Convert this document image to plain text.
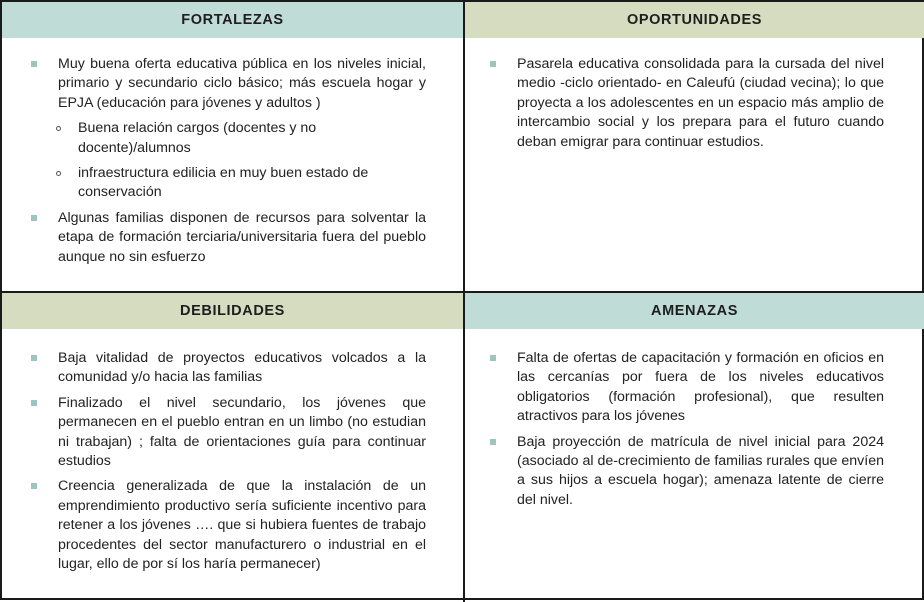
FORTALEZAS	OPORTUNIDADES
DEBILIDADES	AMENAZAS
Muy buena oferta educativa pública en los niveles inicial, primario y secundario ciclo básico; más escuela hogar y EPJA (educación para jóvenes y adultos )
Buena relación cargos (docentes y no docente)/alumnos
infraestructura edilicia en muy buen estado de conservación
Algunas familias disponen de recursos para solventar la etapa de formación terciaria/universitaria fuera del pueblo aunque no sin esfuerzo
Pasarela educativa consolidada para la cursada del nivel medio -ciclo orientado- en Caleufú (ciudad vecina); lo que proyecta a los adolescentes en un espacio más amplio de intercambio social y los prepara para el futuro cuando deban emigrar para continuar estudios.
Baja vitalidad de proyectos educativos volcados a la comunidad y/o hacia las familias
Finalizado el nivel secundario, los jóvenes que permanecen en el pueblo entran en un limbo (no estudian ni trabajan) ; falta de orientaciones guía para continuar estudios
Creencia generalizada de que la instalación de un emprendimiento productivo sería suficiente incentivo para retener a los jóvenes …. que si hubiera fuentes de trabajo procedentes del sector manufacturero o industrial en el lugar, ello de por sí los haría permanecer)
Falta de ofertas de capacitación y formación en oficios en las cercanías por fuera de los niveles educativos obligatorios (formación profesional), que resulten atractivos para los jóvenes
Baja proyección de matrícula de nivel inicial para 2024 (asociado al de-crecimiento de familias rurales que envíen a sus hijos a escuela hogar); amenaza latente de cierre del nivel.
